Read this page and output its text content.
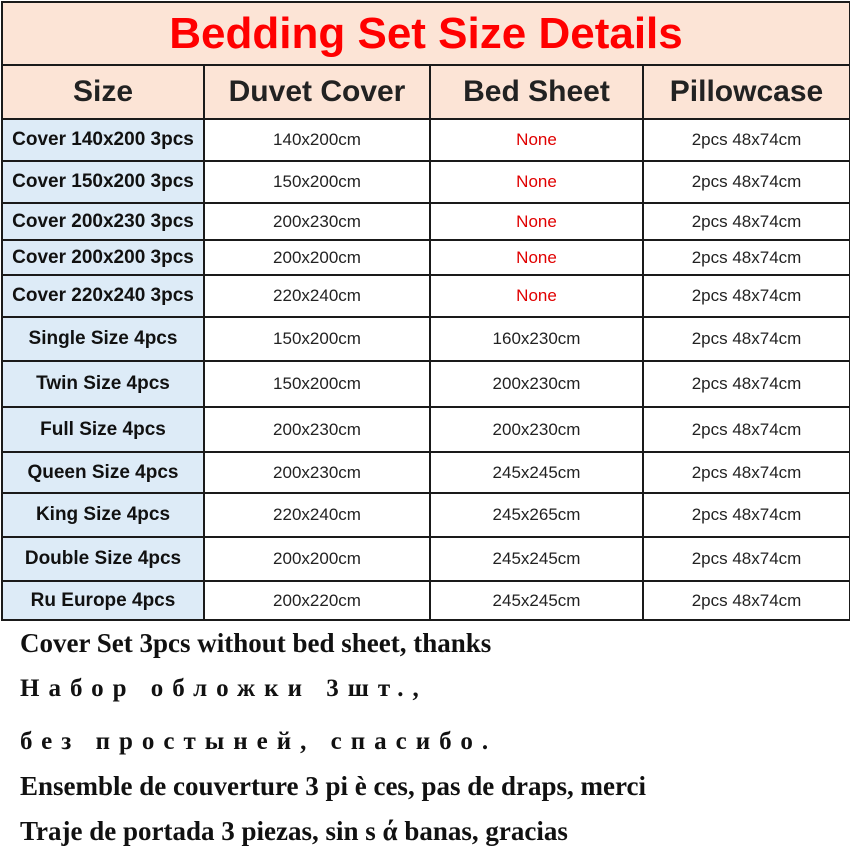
Bedding Set Size Details			
Size	Duvet Cover	Bed Sheet	Pillowcase
Cover 140x200 3pcs	140x200cm	None	2pcs 48x74cm
Cover 150x200 3pcs	150x200cm	None	2pcs 48x74cm
Cover 200x230 3pcs	200x230cm	None	2pcs 48x74cm
Cover 200x200 3pcs	200x200cm	None	2pcs 48x74cm
Cover 220x240 3pcs	220x240cm	None	2pcs 48x74cm
Single Size 4pcs	150x200cm	160x230cm	2pcs 48x74cm
Twin Size 4pcs	150x200cm	200x230cm	2pcs 48x74cm
Full Size 4pcs	200x230cm	200x230cm	2pcs 48x74cm
Queen Size 4pcs	200x230cm	245x245cm	2pcs 48x74cm
King Size 4pcs	220x240cm	245x265cm	2pcs 48x74cm
Double Size 4pcs	200x200cm	245x245cm	2pcs 48x74cm
Ru Europe 4pcs	200x220cm	245x245cm	2pcs 48x74cm
Cover Set 3pcs without bed sheet, thanks
Набор обложки 3шт.,
без простыней, спасибо.
Ensemble de couverture 3 pi è ces, pas de draps, merci
Traje de portada 3 piezas, sin s ά banas, gracias
